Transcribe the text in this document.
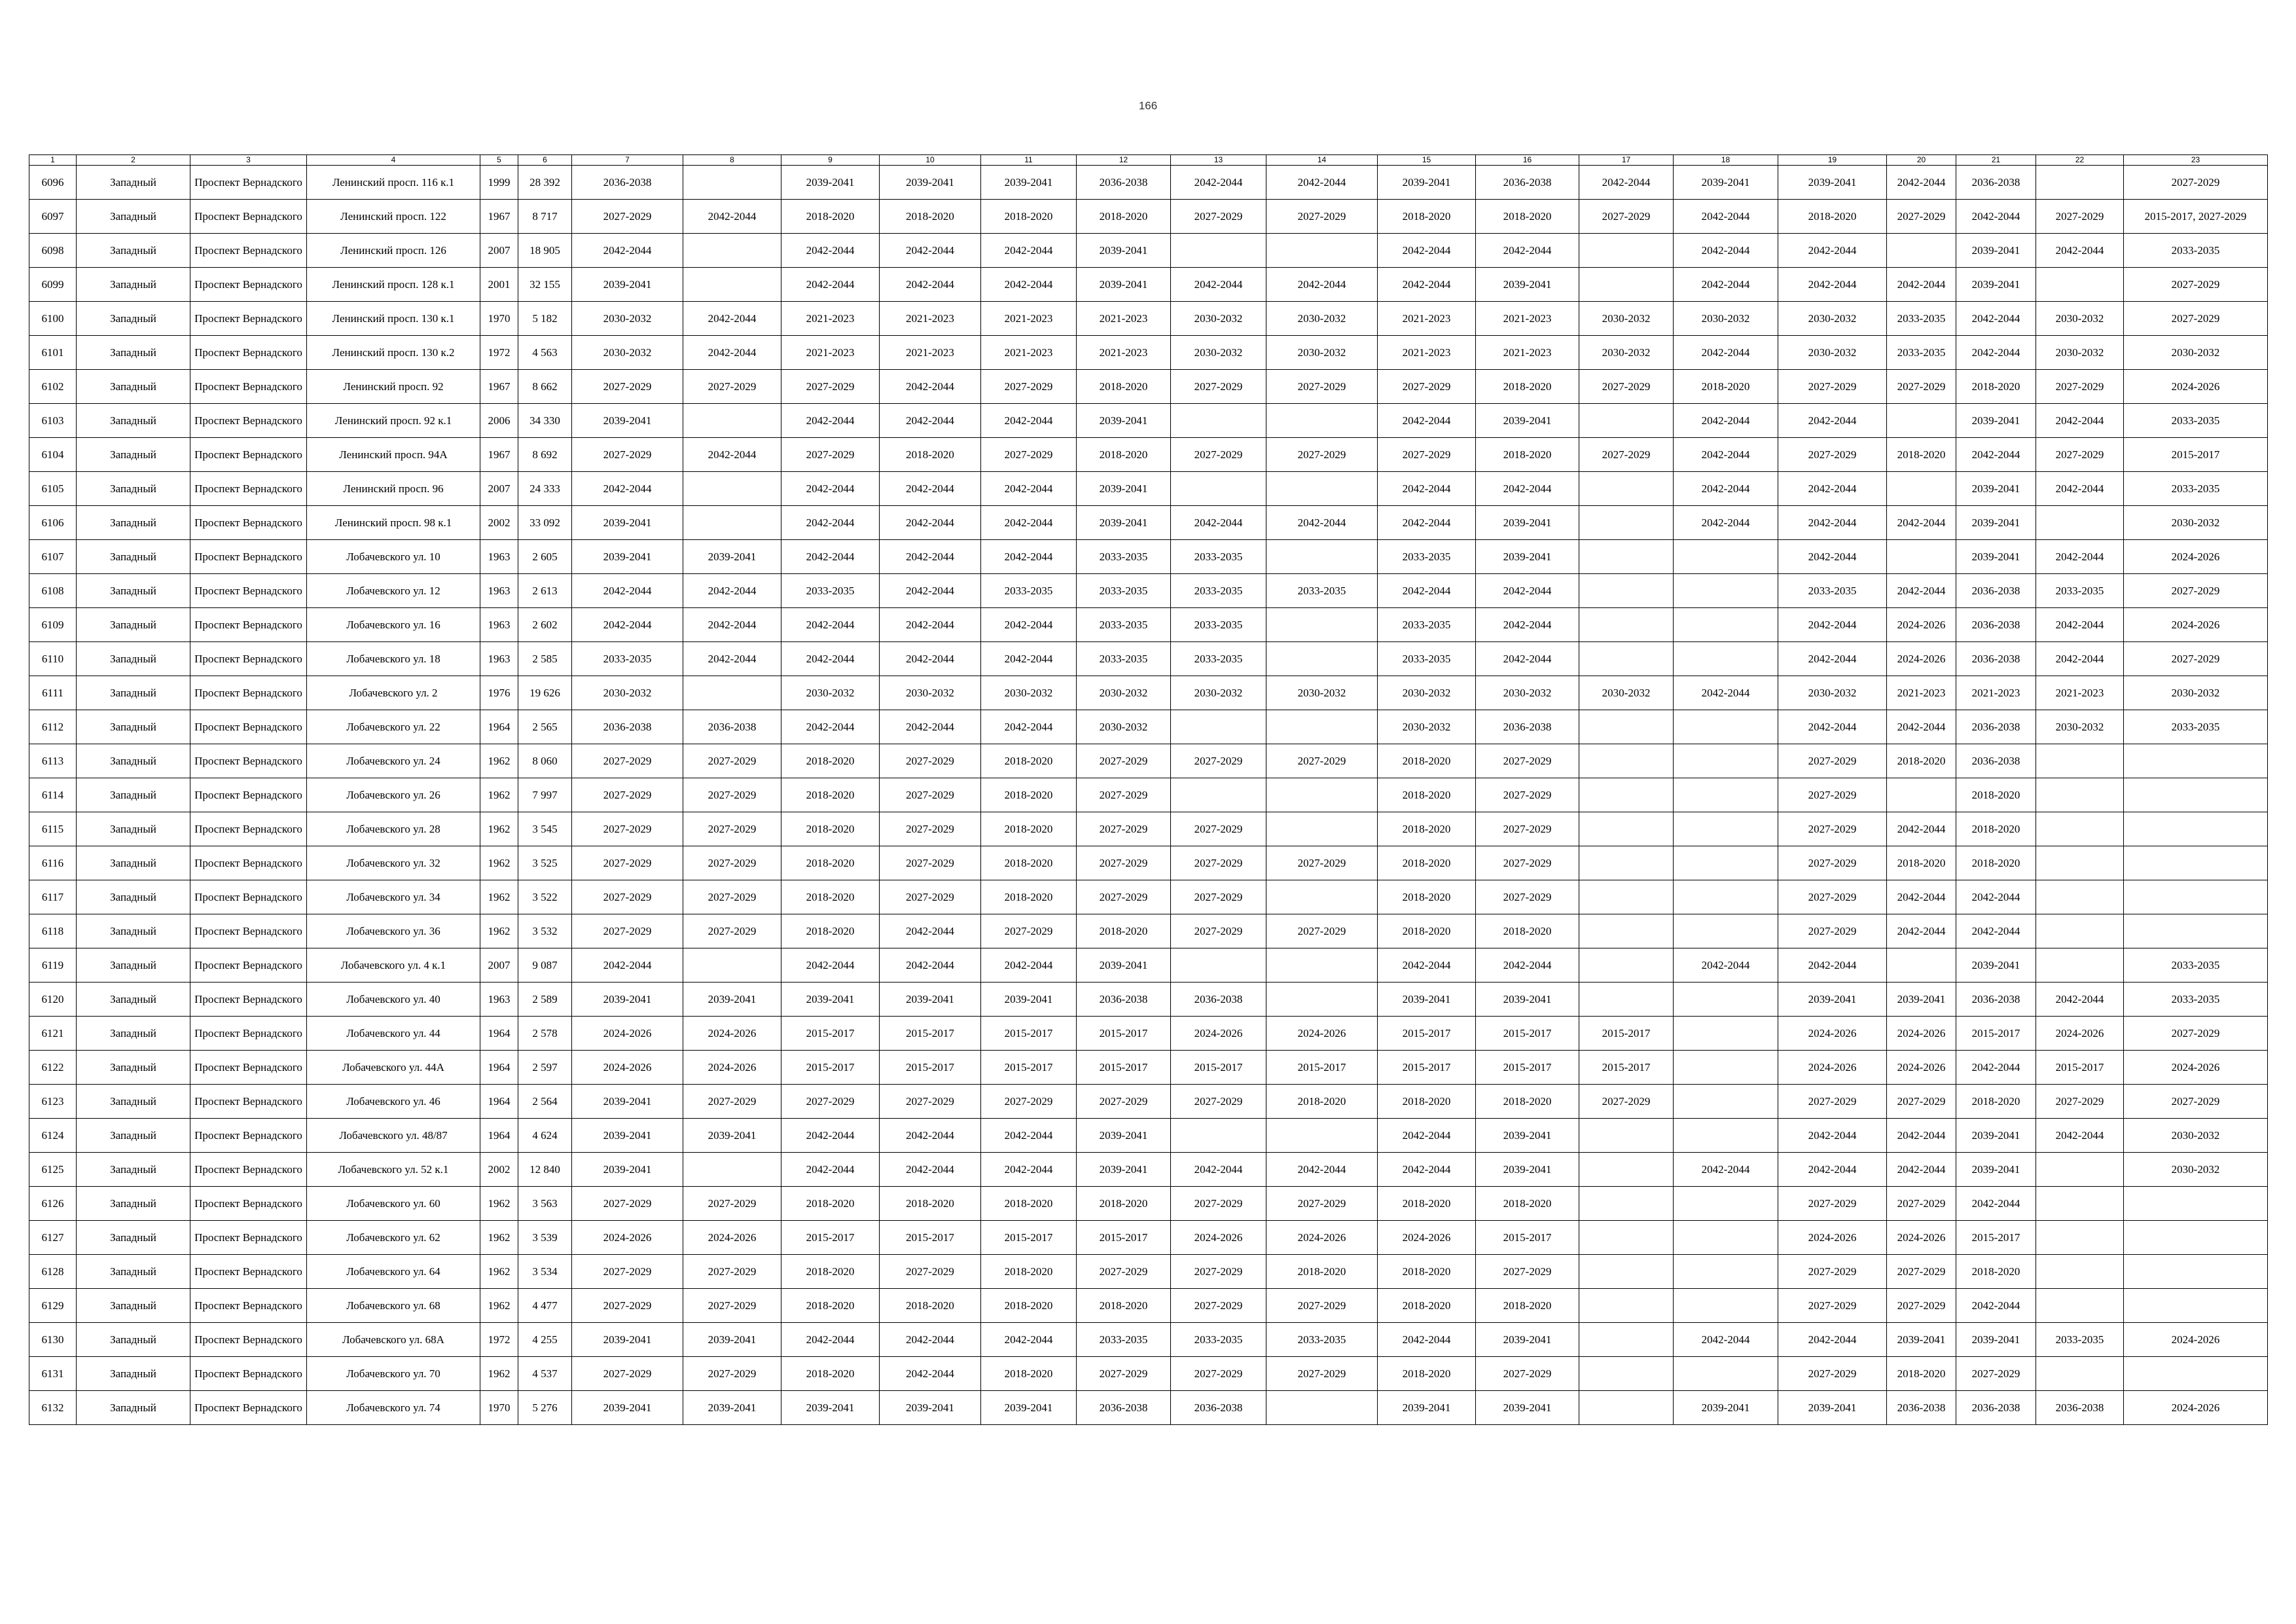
166
1	2	3	4	5	6	7	8	9	10	11	12	13	14	15	16	17	18	19	20	21	22	23
6096	Западный	Проспект Вернадского	Ленинский просп. 116 к.1	1999	28 392	2036-2038		2039-2041	2039-2041	2039-2041	2036-2038	2042-2044	2042-2044	2039-2041	2036-2038	2042-2044	2039-2041	2039-2041	2042-2044	2036-2038		2027-2029
6097	Западный	Проспект Вернадского	Ленинский просп. 122	1967	8 717	2027-2029	2042-2044	2018-2020	2018-2020	2018-2020	2018-2020	2027-2029	2027-2029	2018-2020	2018-2020	2027-2029	2042-2044	2018-2020	2027-2029	2042-2044	2027-2029	2015-2017, 2027-2029
6098	Западный	Проспект Вернадского	Ленинский просп. 126	2007	18 905	2042-2044		2042-2044	2042-2044	2042-2044	2039-2041			2042-2044	2042-2044		2042-2044	2042-2044		2039-2041	2042-2044	2033-2035
6099	Западный	Проспект Вернадского	Ленинский просп. 128 к.1	2001	32 155	2039-2041		2042-2044	2042-2044	2042-2044	2039-2041	2042-2044	2042-2044	2042-2044	2039-2041		2042-2044	2042-2044	2042-2044	2039-2041		2027-2029
6100	Западный	Проспект Вернадского	Ленинский просп. 130 к.1	1970	5 182	2030-2032	2042-2044	2021-2023	2021-2023	2021-2023	2021-2023	2030-2032	2030-2032	2021-2023	2021-2023	2030-2032	2030-2032	2030-2032	2033-2035	2042-2044	2030-2032	2027-2029
6101	Западный	Проспект Вернадского	Ленинский просп. 130 к.2	1972	4 563	2030-2032	2042-2044	2021-2023	2021-2023	2021-2023	2021-2023	2030-2032	2030-2032	2021-2023	2021-2023	2030-2032	2042-2044	2030-2032	2033-2035	2042-2044	2030-2032	2030-2032
6102	Западный	Проспект Вернадского	Ленинский просп. 92	1967	8 662	2027-2029	2027-2029	2027-2029	2042-2044	2027-2029	2018-2020	2027-2029	2027-2029	2027-2029	2018-2020	2027-2029	2018-2020	2027-2029	2027-2029	2018-2020	2027-2029	2024-2026
6103	Западный	Проспект Вернадского	Ленинский просп. 92 к.1	2006	34 330	2039-2041		2042-2044	2042-2044	2042-2044	2039-2041			2042-2044	2039-2041		2042-2044	2042-2044		2039-2041	2042-2044	2033-2035
6104	Западный	Проспект Вернадского	Ленинский просп. 94А	1967	8 692	2027-2029	2042-2044	2027-2029	2018-2020	2027-2029	2018-2020	2027-2029	2027-2029	2027-2029	2018-2020	2027-2029	2042-2044	2027-2029	2018-2020	2042-2044	2027-2029	2015-2017
6105	Западный	Проспект Вернадского	Ленинский просп. 96	2007	24 333	2042-2044		2042-2044	2042-2044	2042-2044	2039-2041			2042-2044	2042-2044		2042-2044	2042-2044		2039-2041	2042-2044	2033-2035
6106	Западный	Проспект Вернадского	Ленинский просп. 98 к.1	2002	33 092	2039-2041		2042-2044	2042-2044	2042-2044	2039-2041	2042-2044	2042-2044	2042-2044	2039-2041		2042-2044	2042-2044	2042-2044	2039-2041		2030-2032
6107	Западный	Проспект Вернадского	Лобачевского ул. 10	1963	2 605	2039-2041	2039-2041	2042-2044	2042-2044	2042-2044	2033-2035	2033-2035		2033-2035	2039-2041			2042-2044		2039-2041	2042-2044	2024-2026
6108	Западный	Проспект Вернадского	Лобачевского ул. 12	1963	2 613	2042-2044	2042-2044	2033-2035	2042-2044	2033-2035	2033-2035	2033-2035	2033-2035	2042-2044	2042-2044			2033-2035	2042-2044	2036-2038	2033-2035	2027-2029
6109	Западный	Проспект Вернадского	Лобачевского ул. 16	1963	2 602	2042-2044	2042-2044	2042-2044	2042-2044	2042-2044	2033-2035	2033-2035		2033-2035	2042-2044			2042-2044	2024-2026	2036-2038	2042-2044	2024-2026
6110	Западный	Проспект Вернадского	Лобачевского ул. 18	1963	2 585	2033-2035	2042-2044	2042-2044	2042-2044	2042-2044	2033-2035	2033-2035		2033-2035	2042-2044			2042-2044	2024-2026	2036-2038	2042-2044	2027-2029
6111	Западный	Проспект Вернадского	Лобачевского ул. 2	1976	19 626	2030-2032		2030-2032	2030-2032	2030-2032	2030-2032	2030-2032	2030-2032	2030-2032	2030-2032	2030-2032	2042-2044	2030-2032	2021-2023	2021-2023	2021-2023	2030-2032
6112	Западный	Проспект Вернадского	Лобачевского ул. 22	1964	2 565	2036-2038	2036-2038	2042-2044	2042-2044	2042-2044	2030-2032			2030-2032	2036-2038			2042-2044	2042-2044	2036-2038	2030-2032	2033-2035
6113	Западный	Проспект Вернадского	Лобачевского ул. 24	1962	8 060	2027-2029	2027-2029	2018-2020	2027-2029	2018-2020	2027-2029	2027-2029	2027-2029	2018-2020	2027-2029			2027-2029	2018-2020	2036-2038		
6114	Западный	Проспект Вернадского	Лобачевского ул. 26	1962	7 997	2027-2029	2027-2029	2018-2020	2027-2029	2018-2020	2027-2029			2018-2020	2027-2029			2027-2029		2018-2020		
6115	Западный	Проспект Вернадского	Лобачевского ул. 28	1962	3 545	2027-2029	2027-2029	2018-2020	2027-2029	2018-2020	2027-2029	2027-2029		2018-2020	2027-2029			2027-2029	2042-2044	2018-2020		
6116	Западный	Проспект Вернадского	Лобачевского ул. 32	1962	3 525	2027-2029	2027-2029	2018-2020	2027-2029	2018-2020	2027-2029	2027-2029	2027-2029	2018-2020	2027-2029			2027-2029	2018-2020	2018-2020		
6117	Западный	Проспект Вернадского	Лобачевского ул. 34	1962	3 522	2027-2029	2027-2029	2018-2020	2027-2029	2018-2020	2027-2029	2027-2029		2018-2020	2027-2029			2027-2029	2042-2044	2042-2044		
6118	Западный	Проспект Вернадского	Лобачевского ул. 36	1962	3 532	2027-2029	2027-2029	2018-2020	2042-2044	2027-2029	2018-2020	2027-2029	2027-2029	2018-2020	2018-2020			2027-2029	2042-2044	2042-2044		
6119	Западный	Проспект Вернадского	Лобачевского ул. 4 к.1	2007	9 087	2042-2044		2042-2044	2042-2044	2042-2044	2039-2041			2042-2044	2042-2044		2042-2044	2042-2044		2039-2041		2033-2035
6120	Западный	Проспект Вернадского	Лобачевского ул. 40	1963	2 589	2039-2041	2039-2041	2039-2041	2039-2041	2039-2041	2036-2038	2036-2038		2039-2041	2039-2041			2039-2041	2039-2041	2036-2038	2042-2044	2033-2035
6121	Западный	Проспект Вернадского	Лобачевского ул. 44	1964	2 578	2024-2026	2024-2026	2015-2017	2015-2017	2015-2017	2015-2017	2024-2026	2024-2026	2015-2017	2015-2017	2015-2017		2024-2026	2024-2026	2015-2017	2024-2026	2027-2029
6122	Западный	Проспект Вернадского	Лобачевского ул. 44А	1964	2 597	2024-2026	2024-2026	2015-2017	2015-2017	2015-2017	2015-2017	2015-2017	2015-2017	2015-2017	2015-2017	2015-2017		2024-2026	2024-2026	2042-2044	2015-2017	2024-2026
6123	Западный	Проспект Вернадского	Лобачевского ул. 46	1964	2 564	2039-2041	2027-2029	2027-2029	2027-2029	2027-2029	2027-2029	2027-2029	2018-2020	2018-2020	2018-2020	2027-2029		2027-2029	2027-2029	2018-2020	2027-2029	2027-2029
6124	Западный	Проспект Вернадского	Лобачевского ул. 48/87	1964	4 624	2039-2041	2039-2041	2042-2044	2042-2044	2042-2044	2039-2041			2042-2044	2039-2041			2042-2044	2042-2044	2039-2041	2042-2044	2030-2032
6125	Западный	Проспект Вернадского	Лобачевского ул. 52 к.1	2002	12 840	2039-2041		2042-2044	2042-2044	2042-2044	2039-2041	2042-2044	2042-2044	2042-2044	2039-2041		2042-2044	2042-2044	2042-2044	2039-2041		2030-2032
6126	Западный	Проспект Вернадского	Лобачевского ул. 60	1962	3 563	2027-2029	2027-2029	2018-2020	2018-2020	2018-2020	2018-2020	2027-2029	2027-2029	2018-2020	2018-2020			2027-2029	2027-2029	2042-2044		
6127	Западный	Проспект Вернадского	Лобачевского ул. 62	1962	3 539	2024-2026	2024-2026	2015-2017	2015-2017	2015-2017	2015-2017	2024-2026	2024-2026	2024-2026	2015-2017			2024-2026	2024-2026	2015-2017		
6128	Западный	Проспект Вернадского	Лобачевского ул. 64	1962	3 534	2027-2029	2027-2029	2018-2020	2027-2029	2018-2020	2027-2029	2027-2029	2018-2020	2018-2020	2027-2029			2027-2029	2027-2029	2018-2020		
6129	Западный	Проспект Вернадского	Лобачевского ул. 68	1962	4 477	2027-2029	2027-2029	2018-2020	2018-2020	2018-2020	2018-2020	2027-2029	2027-2029	2018-2020	2018-2020			2027-2029	2027-2029	2042-2044		
6130	Западный	Проспект Вернадского	Лобачевского ул. 68А	1972	4 255	2039-2041	2039-2041	2042-2044	2042-2044	2042-2044	2033-2035	2033-2035	2033-2035	2042-2044	2039-2041		2042-2044	2042-2044	2039-2041	2039-2041	2033-2035	2024-2026
6131	Западный	Проспект Вернадского	Лобачевского ул. 70	1962	4 537	2027-2029	2027-2029	2018-2020	2042-2044	2018-2020	2027-2029	2027-2029	2027-2029	2018-2020	2027-2029			2027-2029	2018-2020	2027-2029		
6132	Западный	Проспект Вернадского	Лобачевского ул. 74	1970	5 276	2039-2041	2039-2041	2039-2041	2039-2041	2039-2041	2036-2038	2036-2038		2039-2041	2039-2041		2039-2041	2039-2041	2036-2038	2036-2038	2036-2038	2024-2026
